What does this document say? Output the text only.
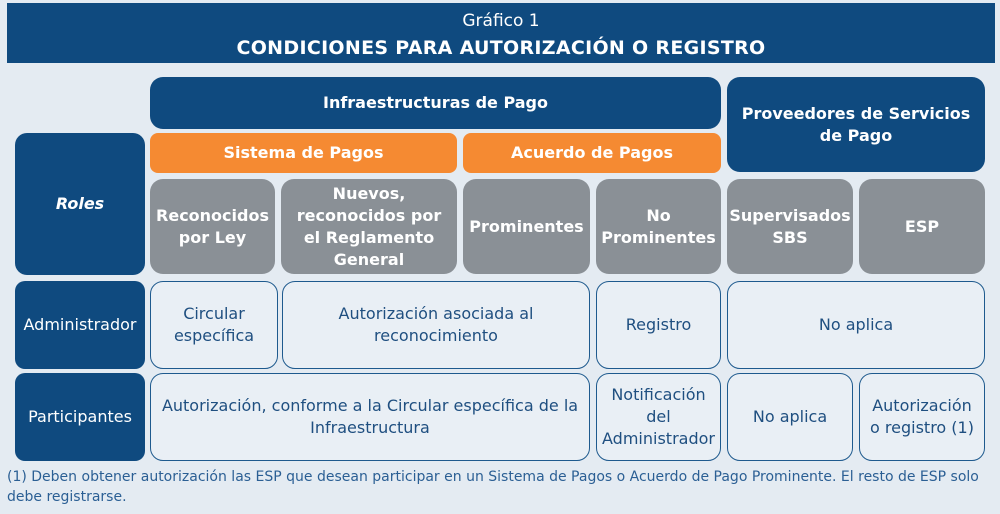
Gráfico 1
CONDICIONES PARA AUTORIZACIÓN O REGISTRO
Infraestructuras de Pago
Proveedores de Servicios de Pago
Sistema de Pagos	Acuerdo de Pagos
Roles
Reconocidos por Ley
Nuevos, reconocidos por el Reglamento General
Prominentes
No Prominentes
Supervisados SBS
ESP
Administrador
Circular específica
Autorización asociada al reconocimiento
Registro	No aplica
Participantes
Autorización, conforme a la Circular específica de la Infraestructura
Notificación del Administrador
No aplica
Autorización o registro (1)
(1) Deben obtener autorización las ESP que desean participar en un Sistema de Pagos o Acuerdo de Pago Prominente. El resto de ESP solo debe registrarse.
